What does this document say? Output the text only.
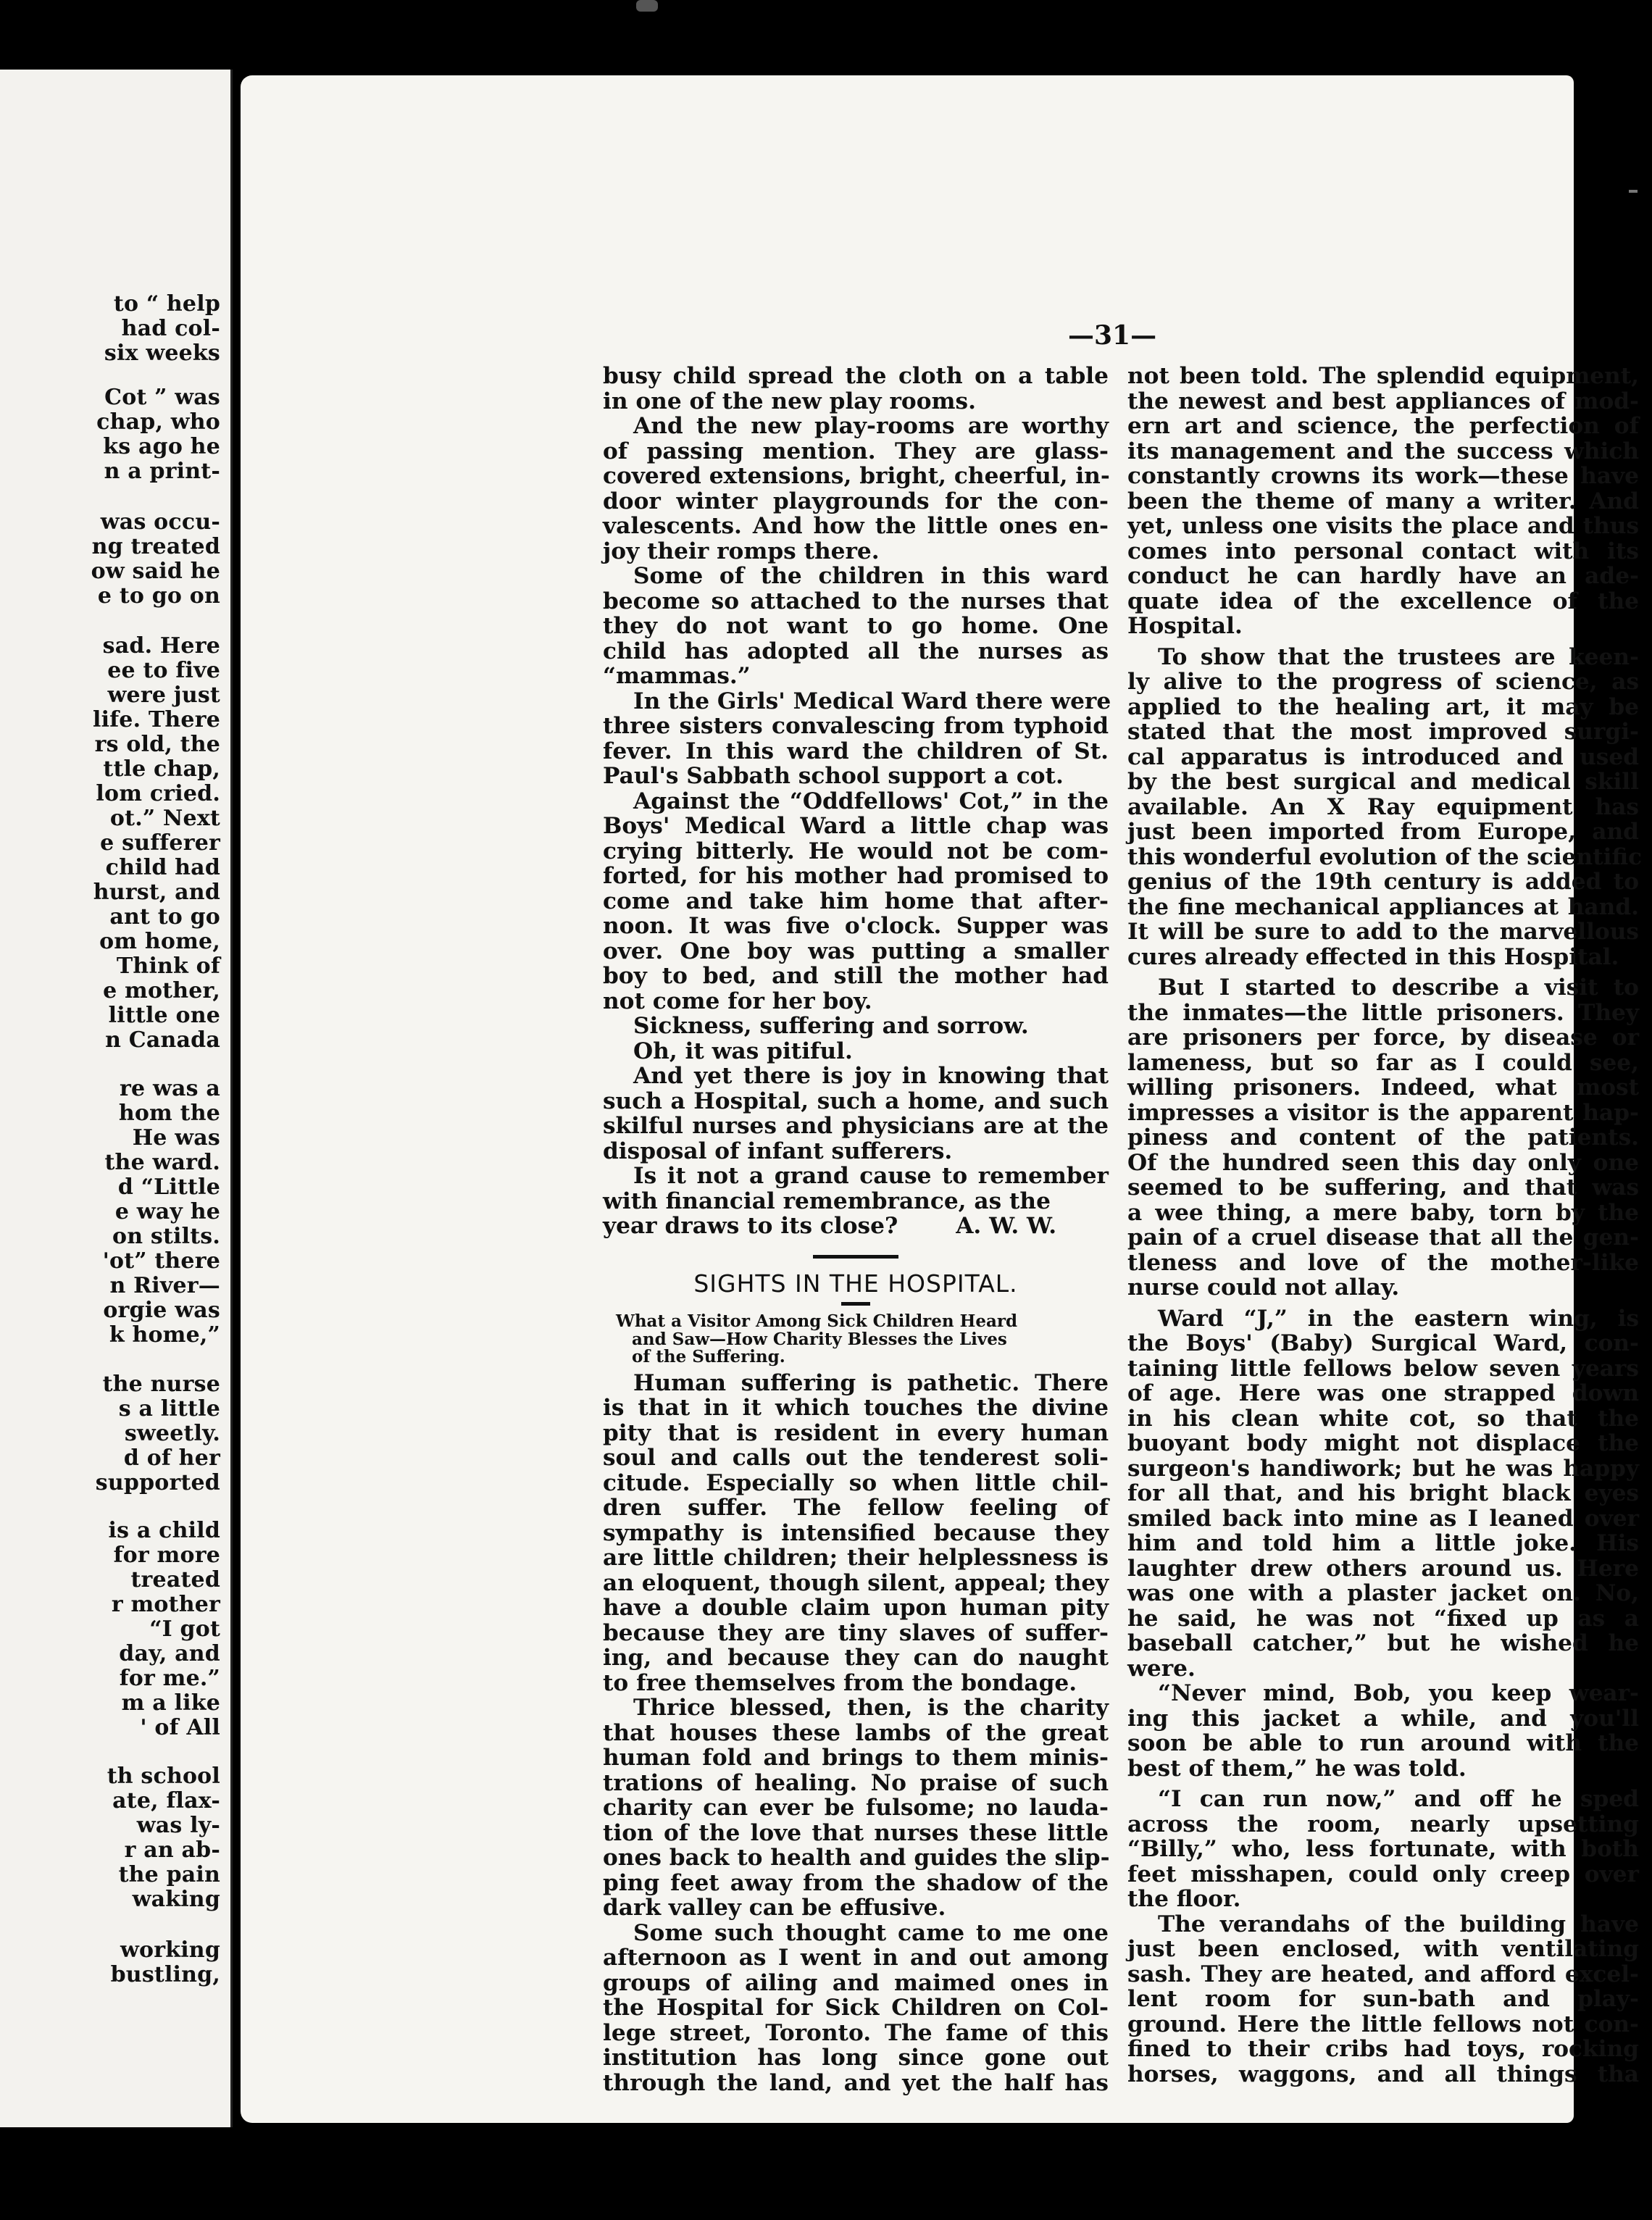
to “ help
had col-
six weeks
Cot ” was
chap, who
ks ago he
n a print-
was occu-
ng treated
ow said he
e to go on
sad. Here
ee to five
were just
life. There
rs old, the
ttle chap,
lom cried.
ot.” Next
e sufferer
child had
hurst, and
ant to go
om home,
Think of
e mother,
little one
n Canada
re was a
hom the
He was
the ward.
d “Little
e way he
on stilts.
'ot” there
n River—
orgie was
k home,”
the nurse
s a little
sweetly.
d of her
supported
is a child
for more
treated
r mother
“I got
day, and
for me.”
m a like
' of All
th school
ate, flax-
was ly-
r an ab-
the pain
waking
working
bustling,
—31—

busy child spread the cloth on a table

in one of the new play rooms.

And the new play-rooms are worthy

of passing mention. They are glass-

covered extensions, bright, cheerful, in-

door winter playgrounds for the con-

valescents. And how the little ones en-

joy their romps there.

Some of the children in this ward

become so attached to the nurses that

they do not want to go home. One

child has adopted all the nurses as

“mammas.”

In the Girls' Medical Ward there were

three sisters convalescing from typhoid

fever. In this ward the children of St.

Paul's Sabbath school support a cot.

Against the “Oddfellows' Cot,” in the

Boys' Medical Ward a little chap was

crying bitterly. He would not be com-

forted, for his mother had promised to

come and take him home that after-

noon. It was five o'clock. Supper was

over. One boy was putting a smaller

boy to bed, and still the mother had

not come for her boy.

Sickness, suffering and sorrow.

Oh, it was pitiful.

And yet there is joy in knowing that

such a Hospital, such a home, and such

skilful nurses and physicians are at the

disposal of infant sufferers.

Is it not a grand cause to remember

with financial remembrance, as the

year draws to its close?	A. W. W.

SIGHTS IN THE HOSPITAL.
What a Visitor Among Sick Children Heard
and Saw—How Charity Blesses the Lives
of the Suffering.

Human suffering is pathetic. There

is that in it which touches the divine

pity that is resident in every human

soul and calls out the tenderest soli-

citude. Especially so when little chil-

dren suffer. The fellow feeling of

sympathy is intensified because they

are little children; their helplessness is

an eloquent, though silent, appeal; they

have a double claim upon human pity

because they are tiny slaves of suffer-

ing, and because they can do naught

to free themselves from the bondage.

Thrice blessed, then, is the charity

that houses these lambs of the great

human fold and brings to them minis-

trations of healing. No praise of such

charity can ever be fulsome; no lauda-

tion of the love that nurses these little

ones back to health and guides the slip-

ping feet away from the shadow of the

dark valley can be effusive.

Some such thought came to me one

afternoon as I went in and out among

groups of ailing and maimed ones in

the Hospital for Sick Children on Col-

lege street, Toronto. The fame of this

institution has long since gone out

through the land, and yet the half has

not been told. The splendid equipment,

the newest and best appliances of mod-

ern art and science, the perfection of

its management and the success which

constantly crowns its work—these have

been the theme of many a writer. And

yet, unless one visits the place and thus

comes into personal contact with its

conduct he can hardly have an ade-

quate idea of the excellence of the

Hospital.

To show that the trustees are keen-

ly alive to the progress of science, as

applied to the healing art, it may be

stated that the most improved surgi-

cal apparatus is introduced and used

by the best surgical and medical skill

available. An X Ray equipment has

just been imported from Europe, and

this wonderful evolution of the scientific

genius of the 19th century is added to

the fine mechanical appliances at hand.

It will be sure to add to the marvellous

cures already effected in this Hospital.

But I started to describe a visit to

the inmates—the little prisoners. They

are prisoners per force, by disease or

lameness, but so far as I could see,

willing prisoners. Indeed, what most

impresses a visitor is the apparent hap-

piness and content of the patients.

Of the hundred seen this day only one

seemed to be suffering, and that was

a wee thing, a mere baby, torn by the

pain of a cruel disease that all the gen-

tleness and love of the mother-like

nurse could not allay.

Ward “J,” in the eastern wing, is

the Boys' (Baby) Surgical Ward, con-

taining little fellows below seven years

of age. Here was one strapped down

in his clean white cot, so that the

buoyant body might not displace the

surgeon's handiwork; but he was happy

for all that, and his bright black eyes

smiled back into mine as I leaned over

him and told him a little joke. His

laughter drew others around us. Here

was one with a plaster jacket on. No,

he said, he was not “fixed up as a

baseball catcher,” but he wished he

were.

“Never mind, Bob, you keep wear-

ing this jacket a while, and you'll

soon be able to run around with the

best of them,” he was told.

“I can run now,” and off he sped

across the room, nearly upsetting

“Billy,” who, less fortunate, with both

feet misshapen, could only creep over

the floor.

The verandahs of the building have

just been enclosed, with ventilating

sash. They are heated, and afford excel-

lent room for sun-bath and play-

ground. Here the little fellows not con-

fined to their cribs had toys, rocking

horses, waggons, and all things tha
